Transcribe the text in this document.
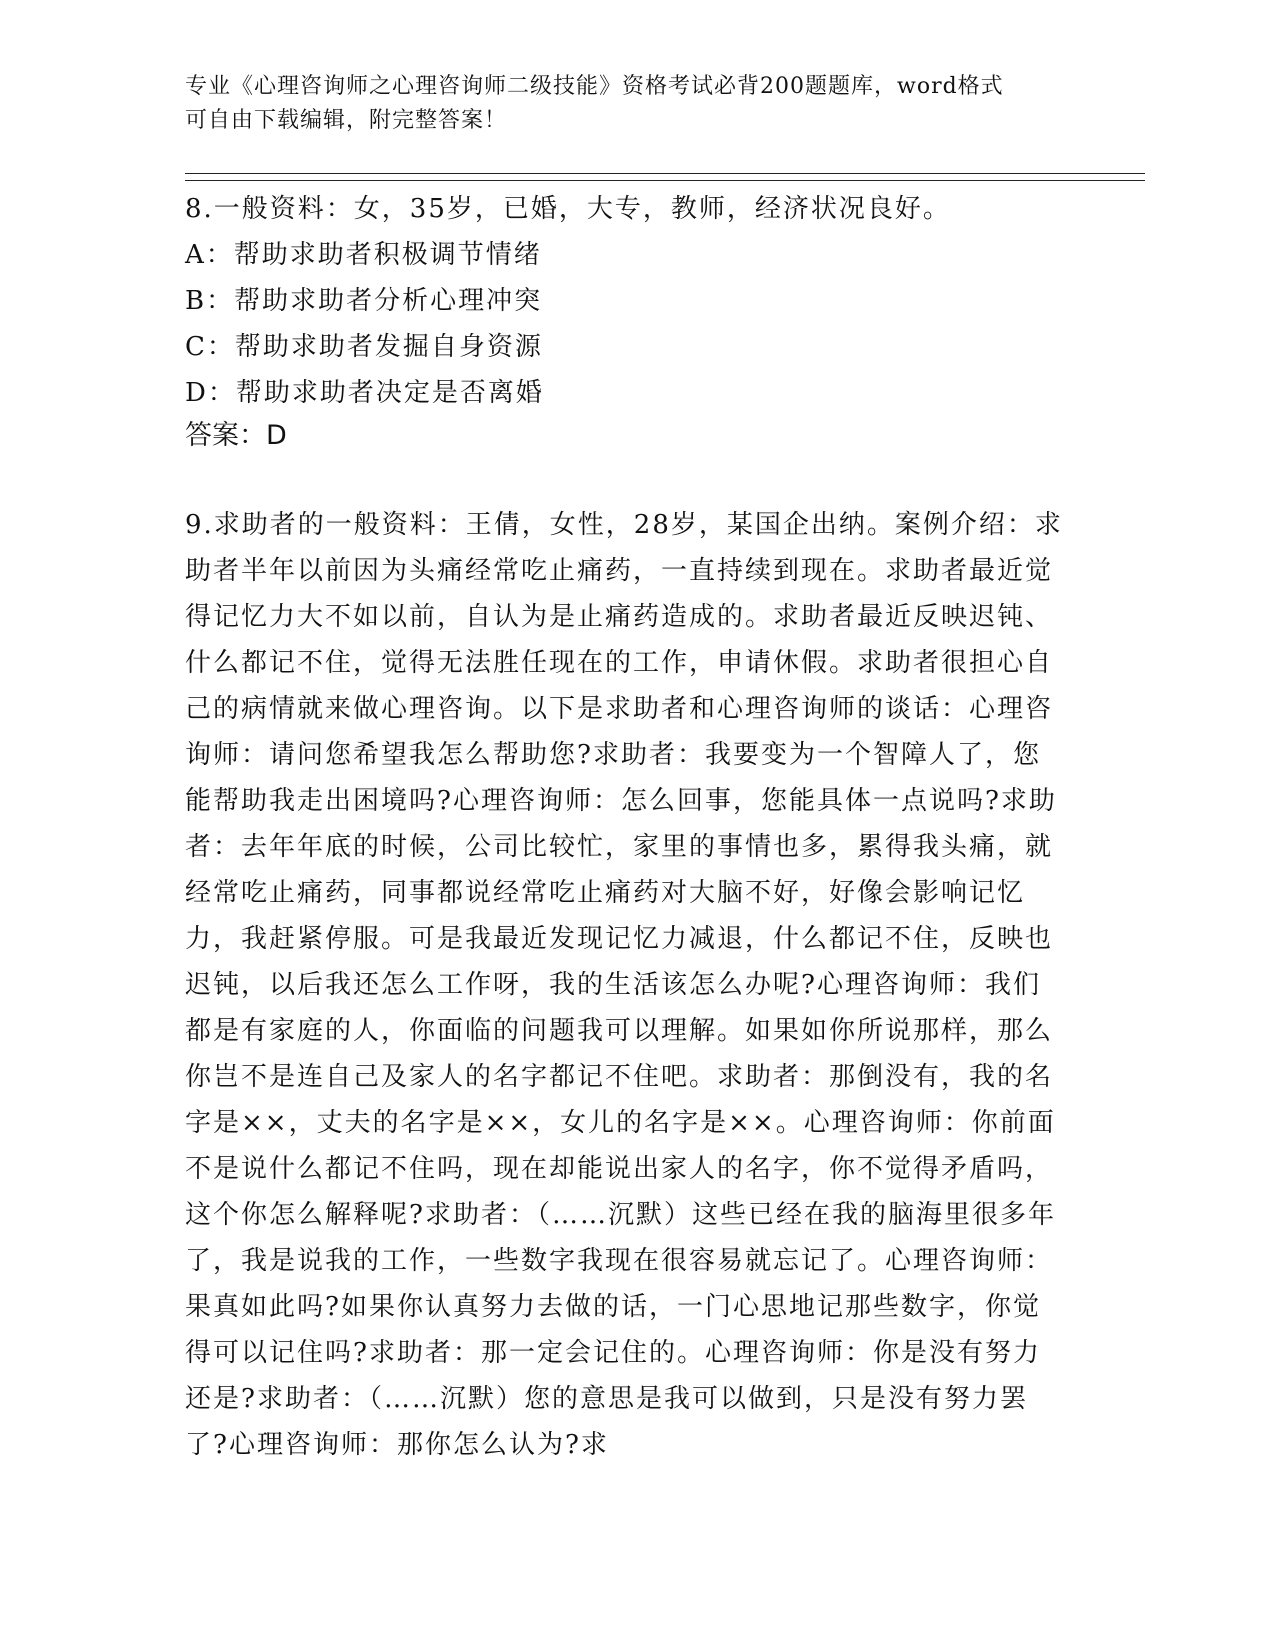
专业《心理咨询师之心理咨询师二级技能》资格考试必背200题题库，word格式
可自由下载编辑，附完整答案！
8.一般资料：女，35岁，已婚，大专，教师，经济状况良好。
A：帮助求助者积极调节情绪
B：帮助求助者分析心理冲突
C：帮助求助者发掘自身资源
D：帮助求助者决定是否离婚
答案：D
9.求助者的一般资料：王倩，女性，28岁，某国企出纳。案例介绍：求助者半年以前因为头痛经常吃止痛药，一直持续到现在。求助者最近觉得记忆力大不如以前，自认为是止痛药造成的。求助者最近反映迟钝、什么都记不住，觉得无法胜任现在的工作，申请休假。求助者很担心自己的病情就来做心理咨询。以下是求助者和心理咨询师的谈话：心理咨询师：请问您希望我怎么帮助您?求助者：我要变为一个智障人了，您能帮助我走出困境吗?心理咨询师：怎么回事，您能具体一点说吗?求助者：去年年底的时候，公司比较忙，家里的事情也多，累得我头痛，就经常吃止痛药，同事都说经常吃止痛药对大脑不好，好像会影响记忆力，我赶紧停服。可是我最近发现记忆力减退，什么都记不住，反映也迟钝，以后我还怎么工作呀，我的生活该怎么办呢?心理咨询师：我们都是有家庭的人，你面临的问题我可以理解。如果如你所说那样，那么你岂不是连自己及家人的名字都记不住吧。求助者：那倒没有，我的名字是××，丈夫的名字是××，女儿的名字是××。心理咨询师：你前面不是说什么都记不住吗，现在却能说出家人的名字，你不觉得矛盾吗，这个你怎么解释呢?求助者：（……沉默）这些已经在我的脑海里很多年了，我是说我的工作，一些数字我现在很容易就忘记了。心理咨询师：果真如此吗?如果你认真努力去做的话，一门心思地记那些数字，你觉得可以记住吗?求助者：那一定会记住的。心理咨询师：你是没有努力还是?求助者：（……沉默）您的意思是我可以做到，只是没有努力罢了?心理咨询师：那你怎么认为?求
